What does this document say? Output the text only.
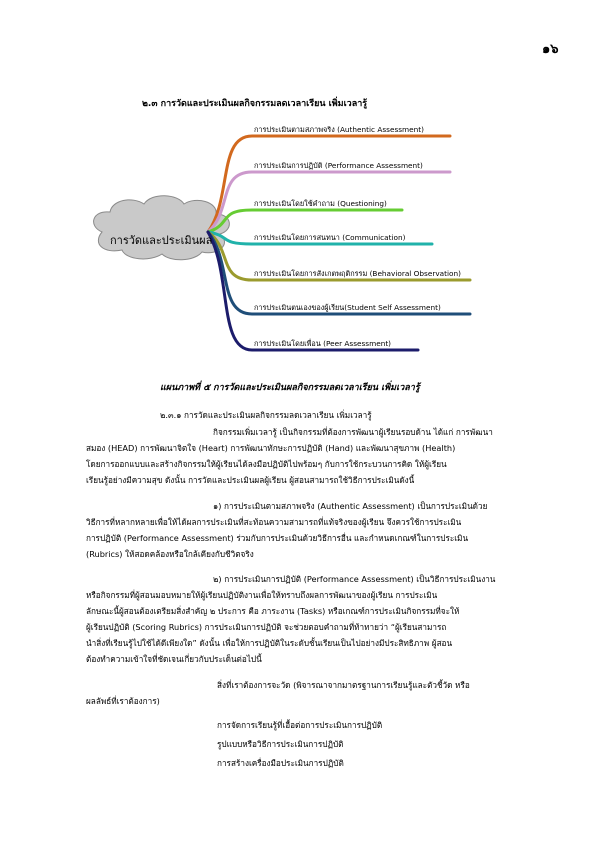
๑๖
๒.๓ การวัดและประเมินผลกิจกรรมลดเวลาเรียน เพิ่มเวลารู้
การประเมินตามสภาพจริง (Authentic Assessment)
การประเมินการปฏิบัติ (Performance Assessment)
การประเมินโดยใช้คำถาม (Questioning)
การประเมินโดยการสนทนา (Communication)
การประเมินโดยการสังเกตพฤติกรรม (Behavioral Observation)
การประเมินตนเองของผู้เรียน(Student Self Assessment)
การประเมินโดยเพื่อน (Peer Assessment)
การวัดและประเมินผล
แผนภาพที่ ๕ การวัดและประเมินผลกิจกรรมลดเวลาเรียน เพิ่มเวลารู้
๒.๓.๑ การวัดและประเมินผลกิจกรรมลดเวลาเรียน เพิ่มเวลารู้
กิจกรรมเพิ่มเวลารู้ เป็นกิจกรรมที่ต้องการพัฒนาผู้เรียนรอบด้าน ได้แก่ การพัฒนา
สมอง (HEAD) การพัฒนาจิตใจ (Heart) การพัฒนาทักษะการปฏิบัติ (Hand) และพัฒนาสุขภาพ (Health)
โดยการออกแบบและสร้างกิจกรรมให้ผู้เรียนได้ลงมือปฏิบัติไปพร้อมๆ กับการใช้กระบวนการคิด ให้ผู้เรียน
เรียนรู้อย่างมีความสุข ดังนั้น การวัดและประเมินผลผู้เรียน ผู้สอนสามารถใช้วิธีการประเมินดังนี้
๑) การประเมินตามสภาพจริง (Authentic Assessment) เป็นการประเมินด้วย
วิธีการที่หลากหลายเพื่อให้ได้ผลการประเมินที่สะท้อนความสามารถที่แท้จริงของผู้เรียน จึงควรใช้การประเมิน
การปฏิบัติ (Performance Assessment) ร่วมกับการประเมินด้วยวิธีการอื่น และกำหนดเกณฑ์ในการประเมิน
(Rubrics) ให้สอดคล้องหรือใกล้เคียงกับชีวิตจริง
๒) การประเมินการปฏิบัติ (Performance Assessment) เป็นวิธีการประเมินงาน
หรือกิจกรรมที่ผู้สอนมอบหมายให้ผู้เรียนปฏิบัติงานเพื่อให้ทราบถึงผลการพัฒนาของผู้เรียน การประเมิน
ลักษณะนี้ผู้สอนต้องเตรียมสิ่งสำคัญ ๒ ประการ คือ ภาระงาน (Tasks) หรือเกณฑ์การประเมินกิจกรรมที่จะให้
ผู้เรียนปฏิบัติ (Scoring Rubrics) การประเมินการปฏิบัติ จะช่วยตอบคำถามที่ท้าทายว่า “ผู้เรียนสามารถ
นำสิ่งที่เรียนรู้ไปใช้ได้ดีเพียงใด” ดังนั้น เพื่อให้การปฏิบัติในระดับชั้นเรียนเป็นไปอย่างมีประสิทธิภาพ ผู้สอน
ต้องทำความเข้าใจที่ชัดเจนเกี่ยวกับประเด็นต่อไปนี้
สิ่งที่เราต้องการจะวัด (พิจารณาจากมาตรฐานการเรียนรู้และตัวชี้วัด หรือ
ผลลัพธ์ที่เราต้องการ)
การจัดการเรียนรู้ที่เอื้อต่อการประเมินการปฏิบัติ
รูปแบบหรือวิธีการประเมินการปฏิบัติ
การสร้างเครื่องมือประเมินการปฏิบัติ
